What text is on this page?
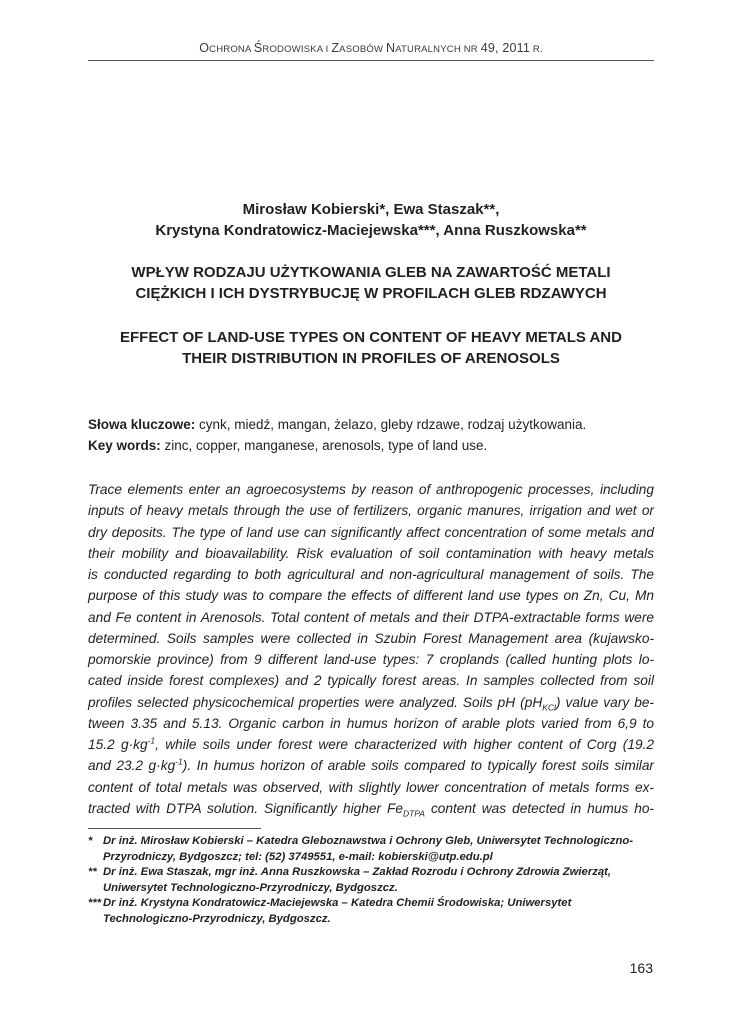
OCHRONA ŚRODOWISKA I ZASOBÓW NATURALNYCH NR 49, 2011 R.
Mirosław Kobierski*, Ewa Staszak**,
Krystyna Kondratowicz-Maciejewska***, Anna Ruszkowska**
WPŁYW RODZAJU UŻYTKOWANIA GLEB NA ZAWARTOŚĆ METALI
CIĘŻKICH I ICH DYSTRYBUCJĘ W PROFILACH GLEB RDZAWYCH
EFFECT OF LAND-USE TYPES ON CONTENT OF HEAVY METALS AND
THEIR DISTRIBUTION IN PROFILES OF ARENOSOLS
Słowa kluczowe: cynk, miedź, mangan, żelazo, gleby rdzawe, rodzaj użytkowania.
Key words: zinc, copper, manganese, arenosols, type of land use.
Trace elements enter an agroecosystems by reason of anthropogenic processes, including
inputs of heavy metals through the use of fertilizers, organic manures, irrigation and wet or
dry deposits. The type of land use can significantly affect concentration of some metals and
their mobility and bioavailability. Risk evaluation of soil contamination with heavy metals
is conducted regarding to both agricultural and non-agricultural management of soils. The
purpose of this study was to compare the effects of different land use types on Zn, Cu, Mn
and Fe content in Arenosols. Total content of metals and their DTPA-extractable forms were
determined. Soils samples were collected in Szubin Forest Management area (kujawsko-
pomorskie province) from 9 different land-use types: 7 croplands (called hunting plots lo-
cated inside forest complexes) and 2 typically forest areas. In samples collected from soil
profiles selected physicochemical properties were analyzed. Soils pH $(pH_{KCl})$ value vary be-
tween 3.35 and 5.13. Organic carbon in humus horizon of arable plots varied from 6,9 to
15.2 $g\cdot kg^{-1}$, while soils under forest were characterized with higher content of Corg (19.2
and 23.2 $g\cdot kg^{-1}$). In humus horizon of arable soils compared to typically forest soils similar
content of total metals was observed, with slightly lower concentration of metals forms ex-
tracted with DTPA solution. Significantly higher $Fe_{DTPA}$ content was detected in humus ho-
* Dr inż. Mirosław Kobierski – Katedra Gleboznawstwa i Ochrony Gleb, Uniwersytet Technologiczno-Przyrodniczy, Bydgoszcz; tel: (52) 3749551, e-mail: kobierski@utp.edu.pl
** Dr inż. Ewa Staszak, mgr inż. Anna Ruszkowska – Zakład Rozrodu i Ochrony Zdrowia Zwierząt, Uniwersytet Technologiczno-Przyrodniczy, Bydgoszcz.
*** Dr inż. Krystyna Kondratowicz-Maciejewska – Katedra Chemii Środowiska; Uniwersytet Technologiczno-Przyrodniczy, Bydgoszcz.
163
